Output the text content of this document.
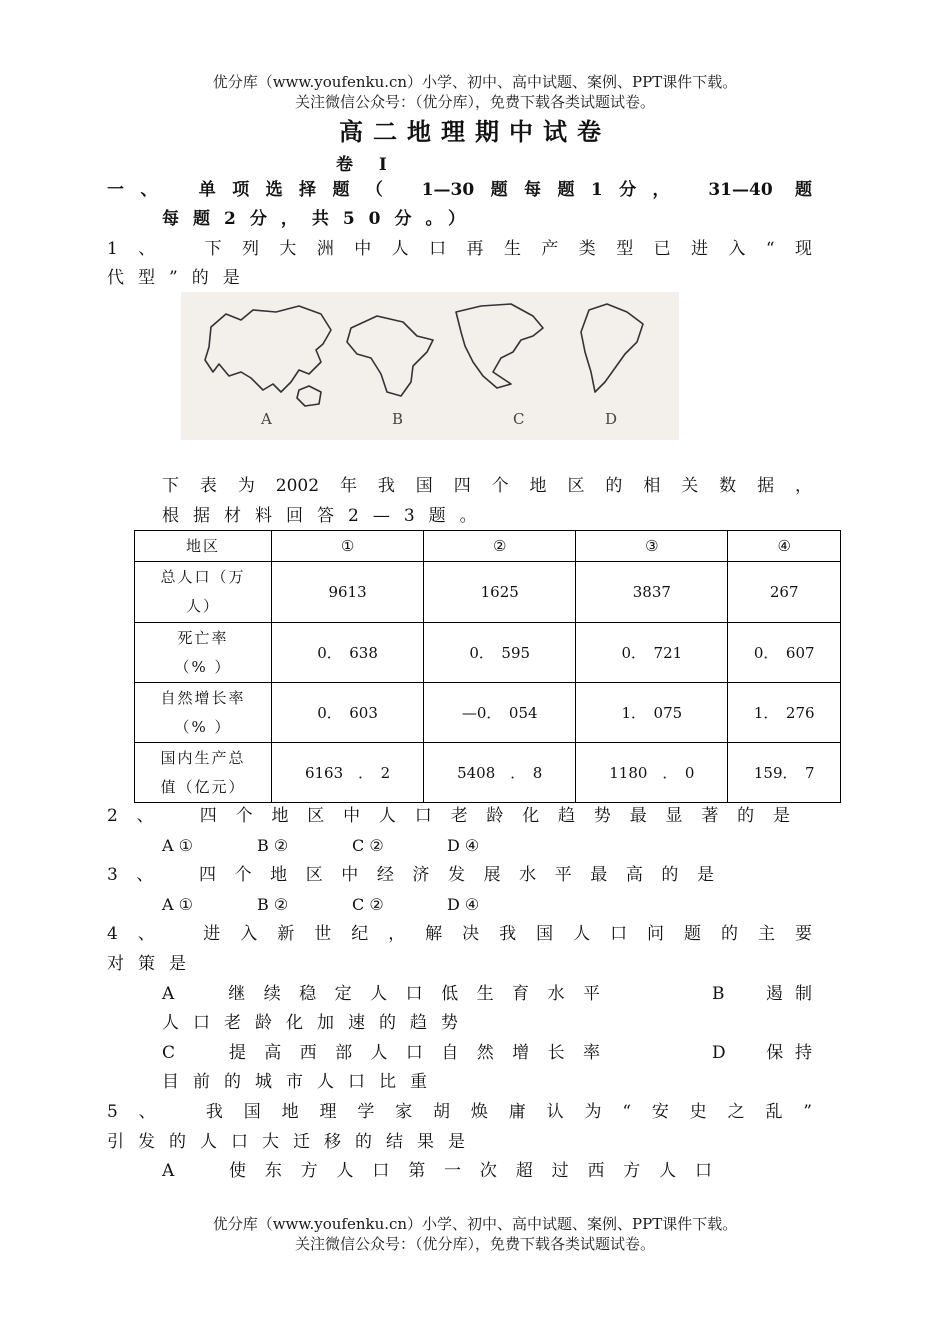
优分库（www.youfenku.cn）小学、初中、高中试题、案例、PPT课件下载。
关注微信公众号：（优分库），免费下载各类试题试卷。
高二地理期中试卷
卷 Ⅰ
一、　单项选择题（ 1—30题每题1分， 31—40 题
每题2分，共50分。）
1、　下列大洲中人口再生产类型已进入“现
代型”的是
A	B	C	D
下表为2002年我国四个地区的相关数据，
根据材料回答2—3题。
地区	①	②	③	④
总人口（万
人）	9613	1625	3837	267
死亡率
（% ）	0．　638	0．　595	0．　721	0．　607
自然增长率
（% ）	0．　603	—0．　054	1．　075	1．　276
国内生产总
值（亿元）	6163　．　2	5408　．　8	1180　．　0	159．　7
2、　四个地区中人口老龄化趋势最显著的是
A ①	B ②	C ②	D ④
3、　四个地区中经济发展水平最高的是
A ①	B ②	C ②	D ④
4、　进入新世纪，解决我国人口问题的主要
对策是
A　继续稳定人口低生育水平	B　遏制
人口老龄化加速的趋势
C　提高西部人口自然增长率	D　保持
目前的城市人口比重
5、　我国地理学家胡焕庸认为“安史之乱”
引发的人口大迁移的结果是
A　使东方人口第一次超过西方人口
优分库（www.youfenku.cn）小学、初中、高中试题、案例、PPT课件下载。
关注微信公众号：（优分库），免费下载各类试题试卷。
